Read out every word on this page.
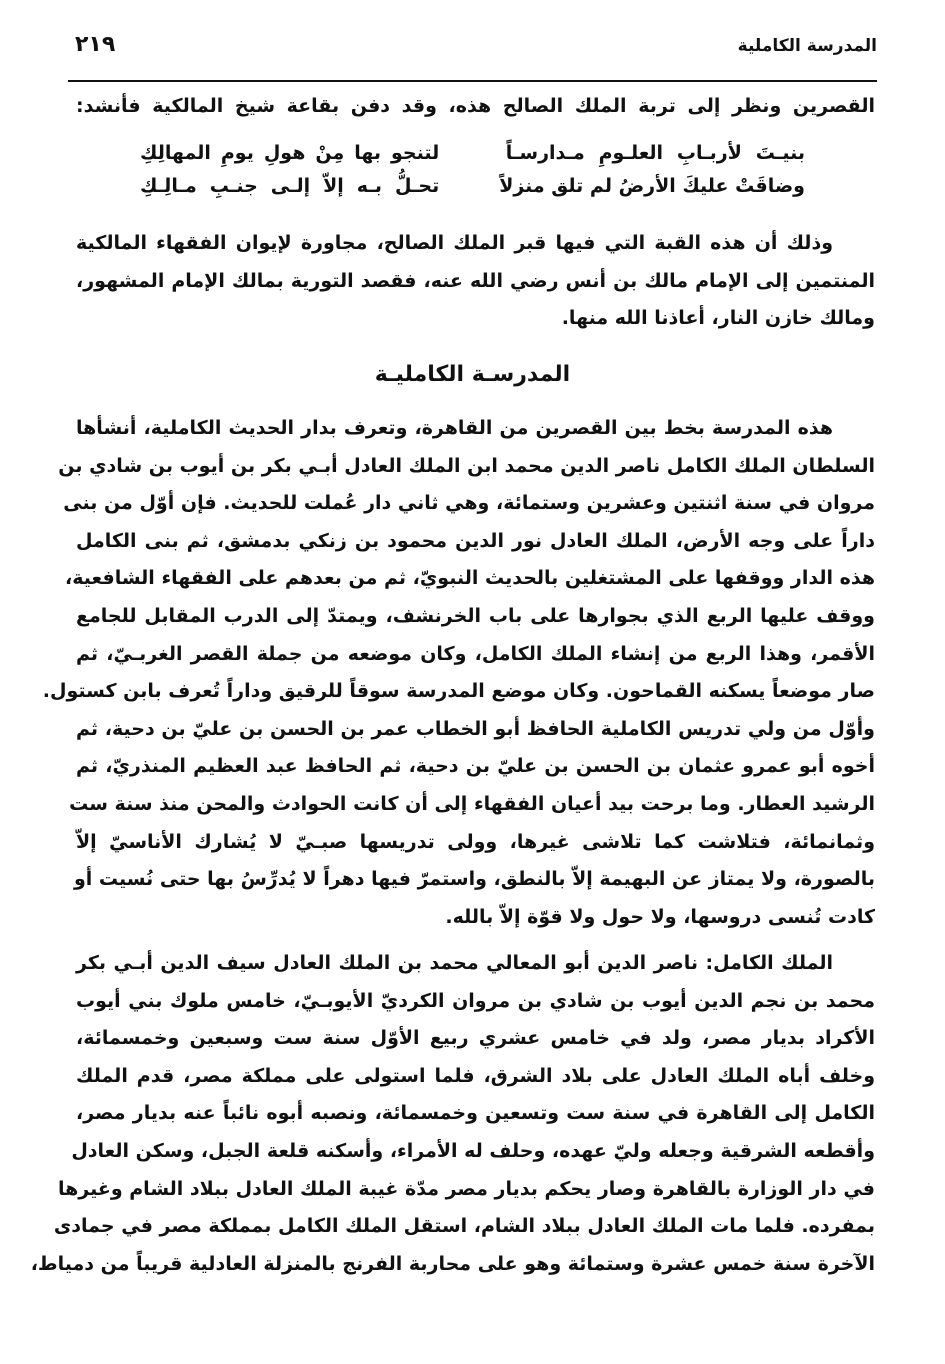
المدرسة الكاملية
٢١٩
القصرين ونظر إلى تربة الملك الصالح هذه، وقد دفن بقاعة شيخ المالكية فأنشد:
بنيـتَ لأربـابِ العلـومِ مـدارسـاً
لتنجو بها مِنْ هولِ يومِ المهالِكِ
وضاقَتْ عليكَ الأرضُ لم تلق منزلاً
تحـلُّ بـه إلاّ إلـى جنـبِ مـالِـكِ
وذلك أن هذه القبة التي فيها قبر الملك الصالح، مجاورة لإيوان الفقهاء المالكية
المنتمين إلى الإمام مالك بن أنس رضي الله عنه، فقصد التورية بمالك الإمام المشهور،
ومالك خازن النار، أعاذنا الله منها.
المدرسـة الكامليـة
هذه المدرسة بخط بين القصرين من القاهرة، وتعرف بدار الحديث الكاملية، أنشأها
السلطان الملك الكامل ناصر الدين محمد ابن الملك العادل أبـي بكر بن أيوب بن شادي بن
مروان في سنة اثنتين وعشرين وستمائة، وهي ثاني دار عُملت للحديث. فإن أوّل من بنى
داراً على وجه الأرض، الملك العادل نور الدين محمود بن زنكي بدمشق، ثم بنى الكامل
هذه الدار ووقفها على المشتغلين بالحديث النبويّ، ثم من بعدهم على الفقهاء الشافعية،
ووقف عليها الربع الذي بجوارها على باب الخرنشف، ويمتدّ إلى الدرب المقابل للجامع
الأقمر، وهذا الربع من إنشاء الملك الكامل، وكان موضعه من جملة القصر الغربـيّ، ثم
صار موضعاً يسكنه القماحون. وكان موضع المدرسة سوقاً للرقيق وداراً تُعرف بابن كستول.
وأوّل من ولي تدريس الكاملية الحافظ أبو الخطاب عمر بن الحسن بن عليّ بن دحية، ثم
أخوه أبو عمرو عثمان بن الحسن بن عليّ بن دحية، ثم الحافظ عبد العظيم المنذريّ، ثم
الرشيد العطار. وما برحت بيد أعيان الفقهاء إلى أن كانت الحوادث والمحن منذ سنة ست
وثمانمائة، فتلاشت كما تلاشى غيرها، وولى تدريسها صبـيّ لا يُشارك الأناسيّ إلاّ
بالصورة، ولا يمتاز عن البهيمة إلاّ بالنطق، واستمرّ فيها دهراً لا يُدرِّسُ بها حتى نُسيت أو
كادت تُنسى دروسها، ولا حول ولا قوّة إلاّ بالله.
الملك الكامل: ناصر الدين أبو المعالي محمد بن الملك العادل سيف الدين أبـي بكر
محمد بن نجم الدين أيوب بن شادي بن مروان الكرديّ الأيوبـيّ، خامس ملوك بني أيوب
الأكراد بديار مصر، ولد في خامس عشري ربيع الأوّل سنة ست وسبعين وخمسمائة،
وخلف أباه الملك العادل على بلاد الشرق، فلما استولى على مملكة مصر، قدم الملك
الكامل إلى القاهرة في سنة ست وتسعين وخمسمائة، ونصبه أبوه نائباً عنه بديار مصر،
وأقطعه الشرقية وجعله وليّ عهده، وحلف له الأمراء، وأسكنه قلعة الجبل، وسكن العادل
في دار الوزارة بالقاهرة وصار يحكم بديار مصر مدّة غيبة الملك العادل ببلاد الشام وغيرها
بمفرده. فلما مات الملك العادل ببلاد الشام، استقل الملك الكامل بمملكة مصر في جمادى
الآخرة سنة خمس عشرة وستمائة وهو على محاربة الفرنج بالمنزلة العادلية قريباً من دمياط،
